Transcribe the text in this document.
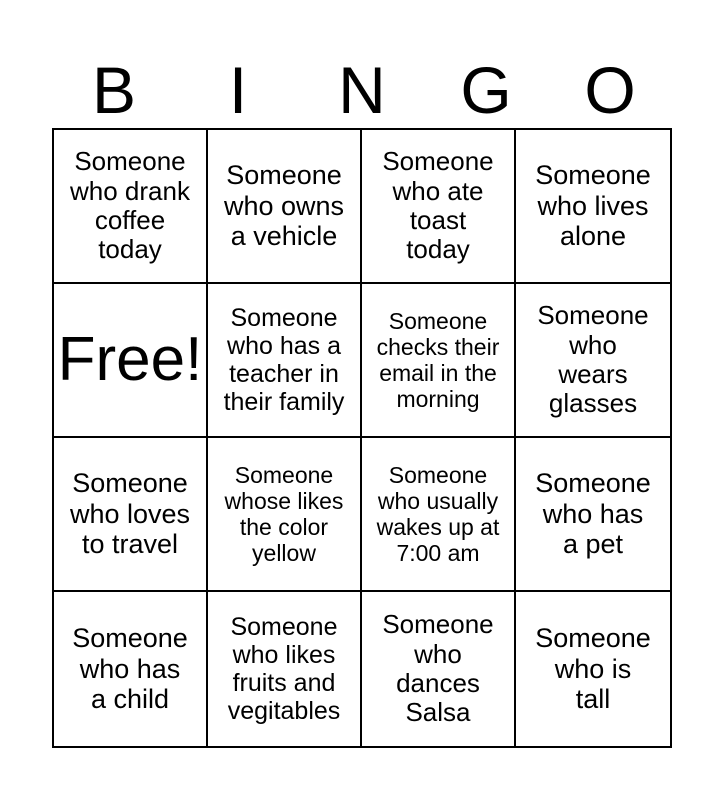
B	I	N	G	O
Someone
who drank
coffee
today
Someone
who owns
a vehicle
Someone
who ate
toast
today
Someone
who lives
alone
Free!
Someone
who has a
teacher in
their family
Someone
checks their
email in the
morning
Someone
who
wears
glasses
Someone
who loves
to travel
Someone
whose likes
the color
yellow
Someone
who usually
wakes up at
7:00 am
Someone
who has
a pet
Someone
who has
a child
Someone
who likes
fruits and
vegitables
Someone
who
dances
Salsa
Someone
who is
tall
